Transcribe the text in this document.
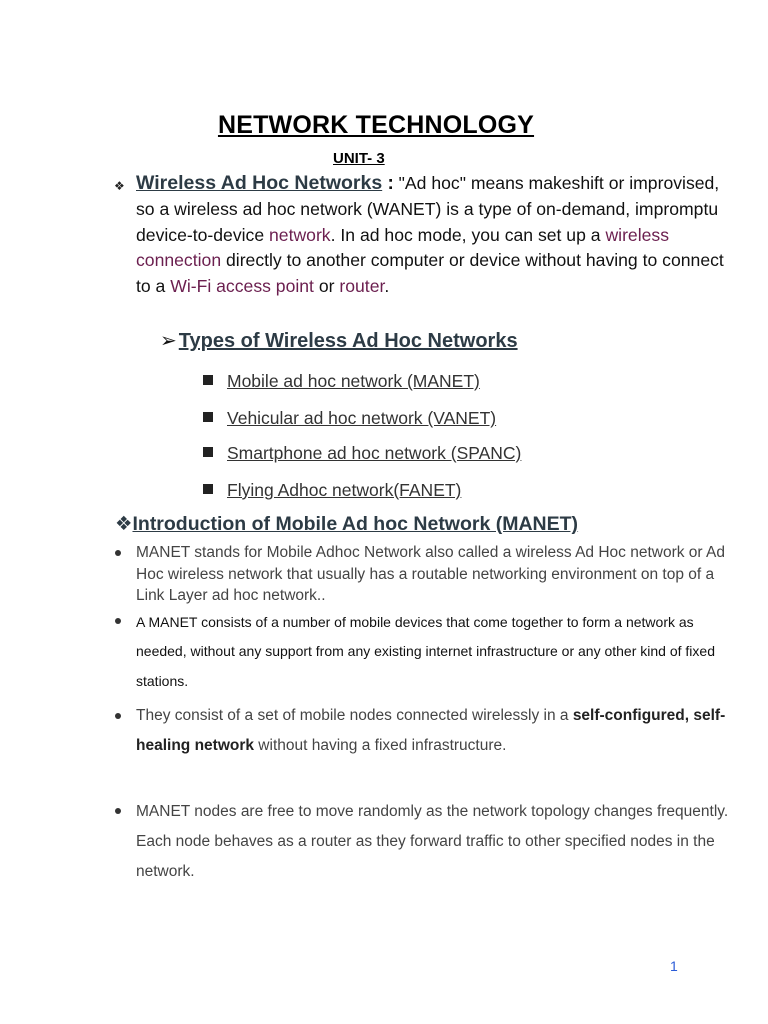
NETWORK TECHNOLOGY
UNIT- 3
❖ Wireless Ad Hoc Networks : "Ad hoc" means makeshift or improvised, so a wireless ad hoc network (WANET) is a type of on-demand, impromptu device-to-device network. In ad hoc mode, you can set up a wireless connection directly to another computer or device without having to connect to a Wi-Fi access point or router.
➢ Types of Wireless Ad Hoc Networks
Mobile ad hoc network (MANET)
Vehicular ad hoc network (VANET)
Smartphone ad hoc network (SPANC)
Flying Adhoc network(FANET)
❖Introduction of Mobile Ad hoc Network (MANET)
MANET stands for Mobile Adhoc Network also called a wireless Ad Hoc network or Ad Hoc wireless network that usually has a routable networking environment on top of a Link Layer ad hoc network..
A MANET consists of a number of mobile devices that come together to form a network as needed, without any support from any existing internet infrastructure or any other kind of fixed stations.
They consist of a set of mobile nodes connected wirelessly in a self-configured, self-healing network without having a fixed infrastructure.
MANET nodes are free to move randomly as the network topology changes frequently. Each node behaves as a router as they forward traffic to other specified nodes in the network.
1
